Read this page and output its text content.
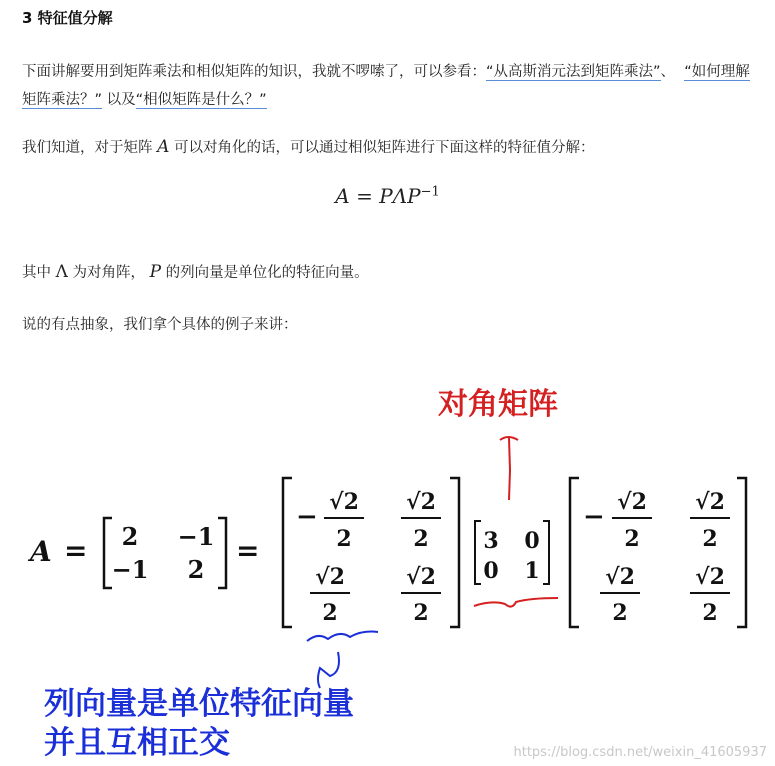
3 特征值分解
下面讲解要用到矩阵乘法和相似矩阵的知识，我就不啰嗦了，可以参看：“从高斯消元法到矩阵乘法”、 “如何理解矩阵乘法？” 以及“相似矩阵是什么？”
我们知道，对于矩阵 A 可以对角化的话，可以通过相似矩阵进行下面这样的特征值分解：
$A = P\Lambda P^{-1}$
其中 Λ 为对角阵， P 的列向量是单位化的特征向量。
说的有点抽象，我们拿个具体的例子来讲：
A = 2 −1
−1 2
=
− √2
2
√2
2
√2
2
√2
2
3 0
0 1
− √2
2
√2
2
√2
2
√2
2
对角矩阵
列向量是单位特征向量
并且互相正交	https://blog.csdn.net/weixin_41605937
